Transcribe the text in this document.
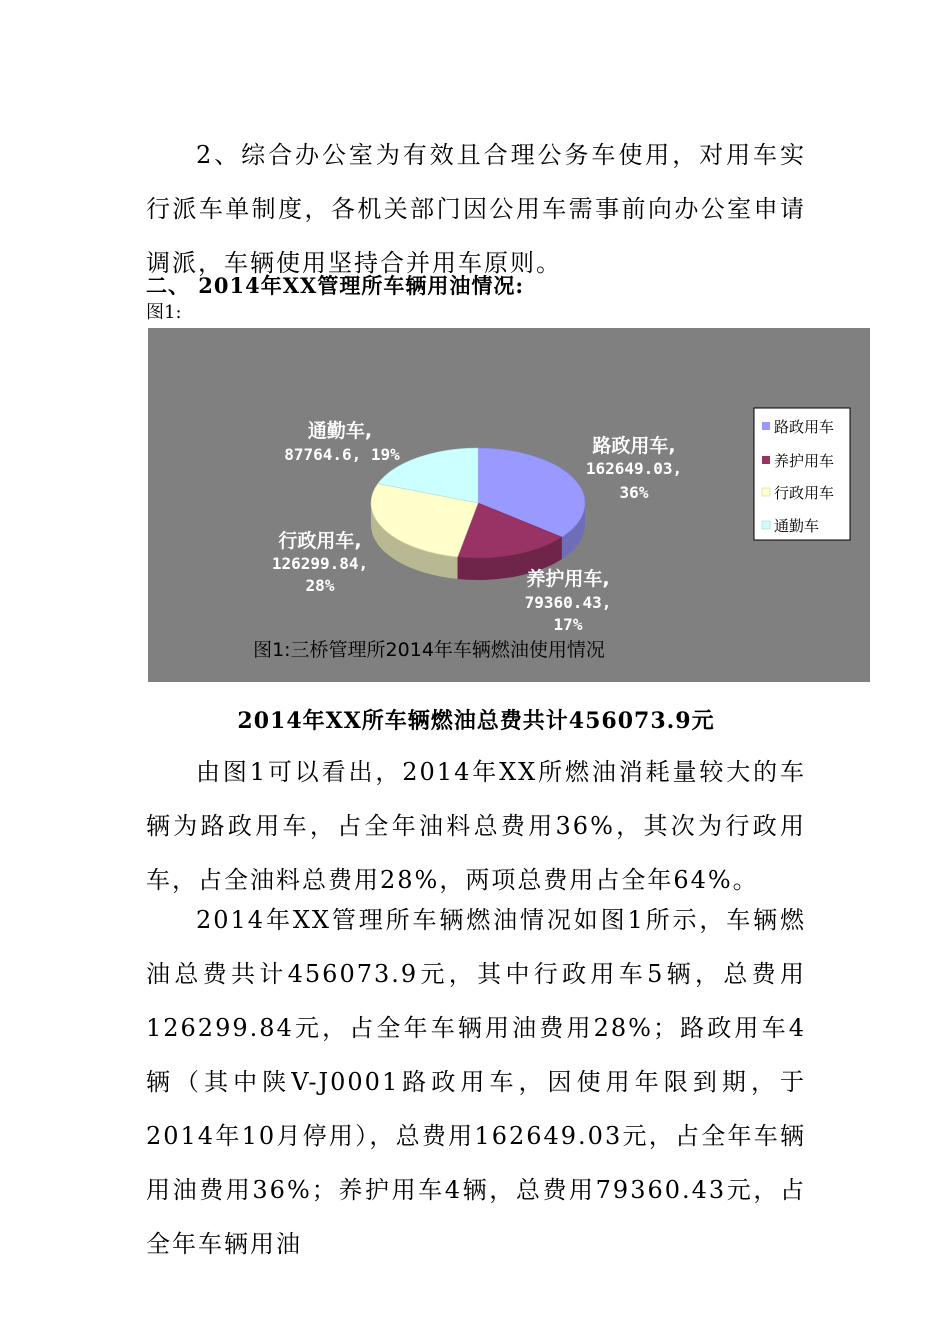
2、综合办公室为有效且合理公务车使用，对用车实行派车单制度，各机关部门因公用车需事前向办公室申请调派，车辆使用坚持合并用车原则。

二、 2014年XX管理所车辆用油情况:
图1:
路政用车,
162649.03,
36%
养护用车,
79360.43,
17%
行政用车,
126299.84,
28%
通勤车,
87764.6, 19%
路政用车
养护用车
行政用车
通勤车
图1:三桥管理所2014年车辆燃油使用情况
2014年XX所车辆燃油总费共计456073.9元

由图1可以看出，2014年XX所燃油消耗量较大的车辆为路政用车，占全年油料总费用36%，其次为行政用车，占全油料总费用28%，两项总费用占全年64%。

2014年XX管理所车辆燃油情况如图1所示，车辆燃油总费共计456073.9元，其中行政用车5辆，总费用126299.84元，占全年车辆用油费用28%；路政用车4辆（其中陕V-J0001路政用车，因使用年限到期，于2014年10月停用），总费用162649.03元，占全年车辆用油费用36%；养护用车4辆，总费用79360.43元，占全年车辆用油
